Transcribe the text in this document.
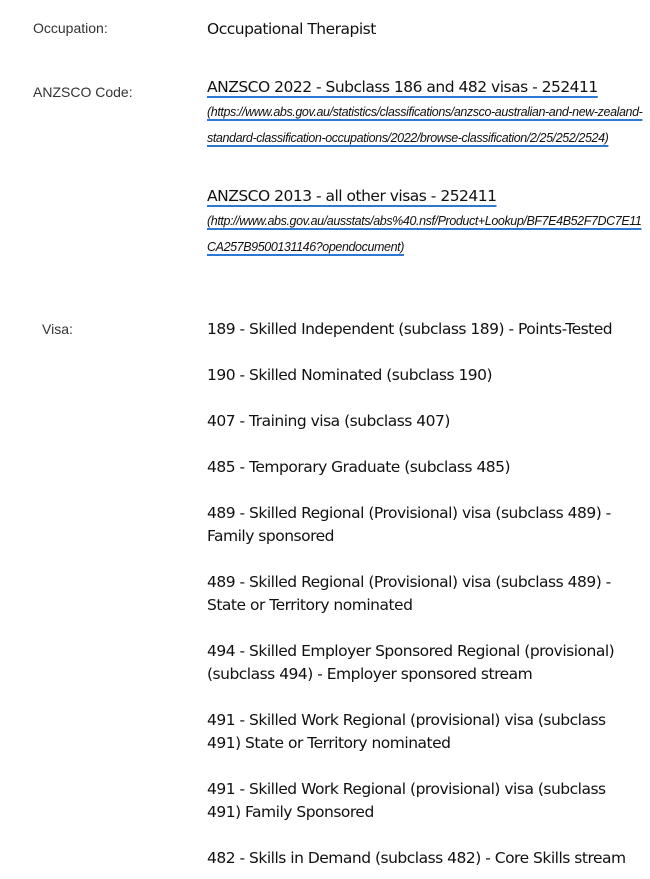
Occupation:	Occupational Therapist
ANZSCO Code:	ANZSCO 2022 - Subclass 186 and 482 visas - 252411
(https://www.abs.gov.au/statistics/classifications/anzsco-australian-and-new-zealand-standard-classification-occupations/2022/browse-classification/2/25/252/2524)
ANZSCO 2013 - all other visas - 252411
(http://www.abs.gov.au/ausstats/abs%40.nsf/Product+Lookup/BF7E4B52F7DC7E11CA257B9500131146?opendocument)
Visa:	189 - Skilled Independent (subclass 189) - Points-Tested
190 - Skilled Nominated (subclass 190)
407 - Training visa (subclass 407)
485 - Temporary Graduate (subclass 485)
489 - Skilled Regional (Provisional) visa (subclass 489) - Family sponsored
489 - Skilled Regional (Provisional) visa (subclass 489) - State or Territory nominated
494 - Skilled Employer Sponsored Regional (provisional) (subclass 494) - Employer sponsored stream
491 - Skilled Work Regional (provisional) visa (subclass 491) State or Territory nominated
491 - Skilled Work Regional (provisional) visa (subclass 491) Family Sponsored
482 - Skills in Demand (subclass 482) - Core Skills stream
